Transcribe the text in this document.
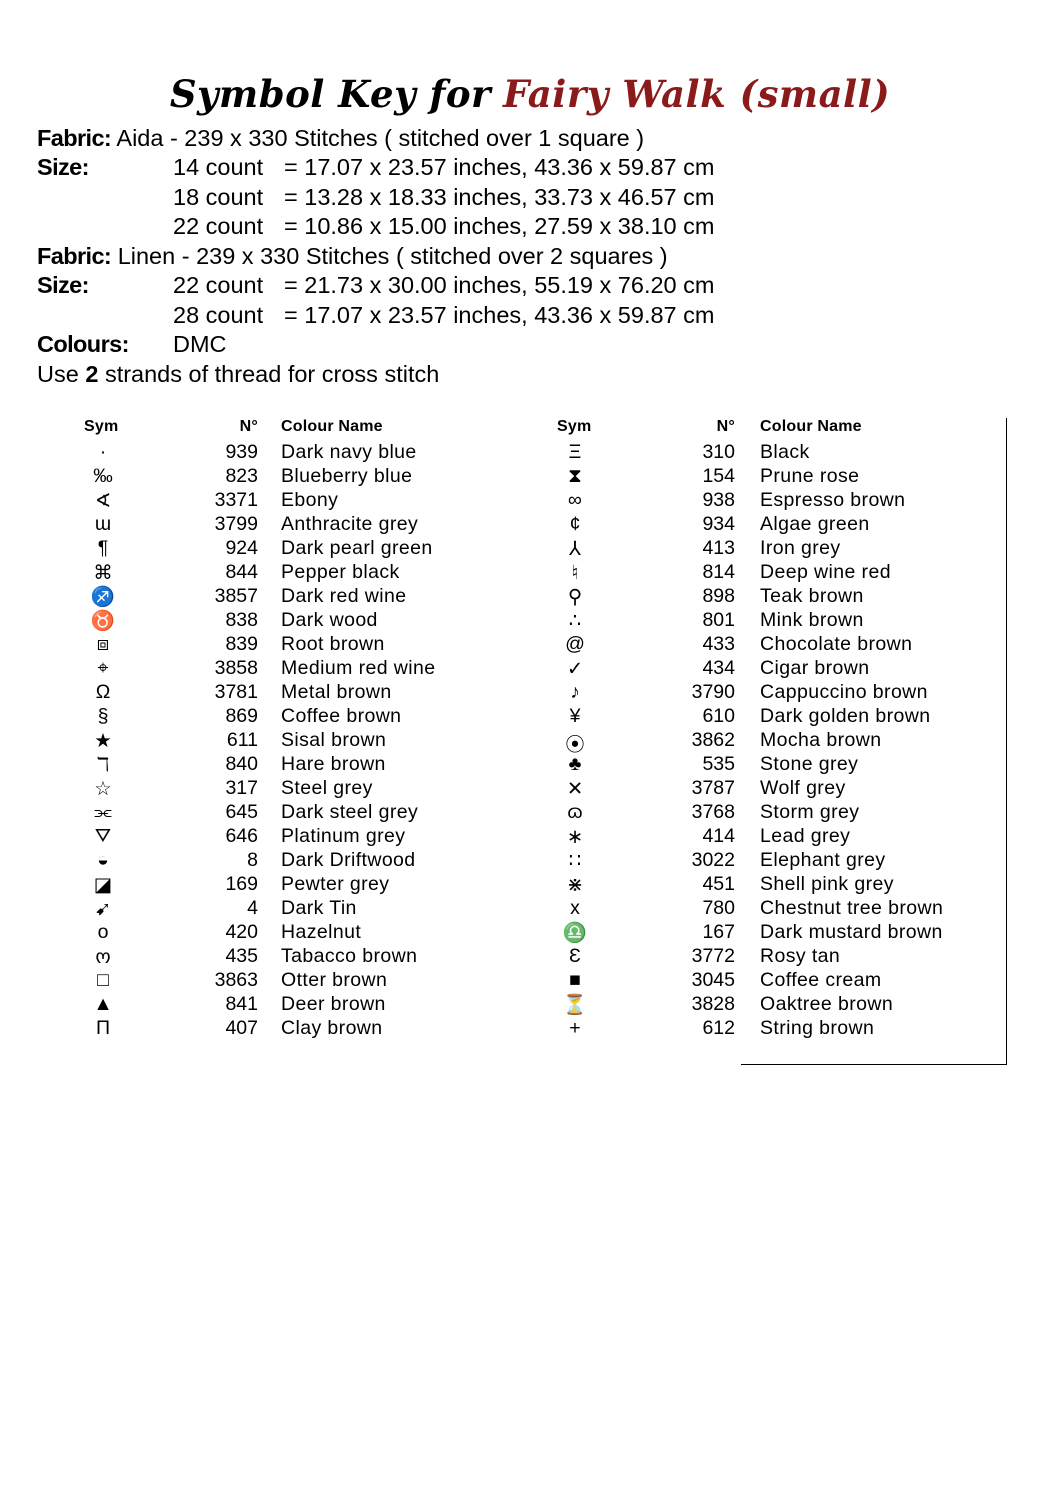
Symbol Key for Fairy Walk (small)
Fabric: Aida - 239 x 330 Stitches ( stitched over 1 square )
Size:	14 count = 17.07 x 23.57 inches, 43.36 x 59.87 cm
18 count = 13.28 x 18.33 inches, 33.73 x 46.57 cm
22 count = 10.86 x 15.00 inches, 27.59 x 38.10 cm
Fabric: Linen - 239 x 330 Stitches ( stitched over 2 squares )
Size:	22 count = 21.73 x 30.00 inches, 55.19 x 76.20 cm
28 count = 17.07 x 23.57 inches, 43.36 x 59.87 cm
Colours: DMC
Use 2 strands of thread for cross stitch
Sym	N° Colour Name
·	939 Dark navy blue
‰	823 Blueberry blue
∢	3371 Ebony
ɯ	3799 Anthracite grey
¶	924 Dark pearl green
⌘	844 Pepper black
♐	3857 Dark red wine
♉	838 Dark wood
⧈	839 Root brown
⌖	3858 Medium red wine
Ω	3781 Metal brown
§	869 Coffee brown
★	611 Sisal brown
ℸ	840 Hare brown
☆	317 Steel grey
⫘	645 Dark steel grey
⛛	646 Platinum grey
◒	8 Dark Driftwood
◪	169 Pewter grey
➹	4 Dark Tin
o	420 Hazelnut
ო	435 Tabacco brown
□	3863 Otter brown
▲	841 Deer brown
Π	407 Clay brown
Sym	N° Colour Name
Ξ	310 Black
⧗	154 Prune rose
∞	938 Espresso brown
¢	934 Algae green
⅄	413 Iron grey
♮	814 Deep wine red
⚲	898 Teak brown
∴	801 Mink brown
@	433 Chocolate brown
✓	434 Cigar brown
♪	3790 Cappuccino brown
¥	610 Dark golden brown
⦿	3862 Mocha brown
♣	535 Stone grey
✕	3787 Wolf grey
ɷ	3768 Storm grey
∗	414 Lead grey
∷	3022 Elephant grey
⋇	451 Shell pink grey
x	780 Chestnut tree brown
♎	167 Dark mustard brown
Ɛ	3772 Rosy tan
■	3045 Coffee cream
⏳	3828 Oaktree brown
+	612 String brown
